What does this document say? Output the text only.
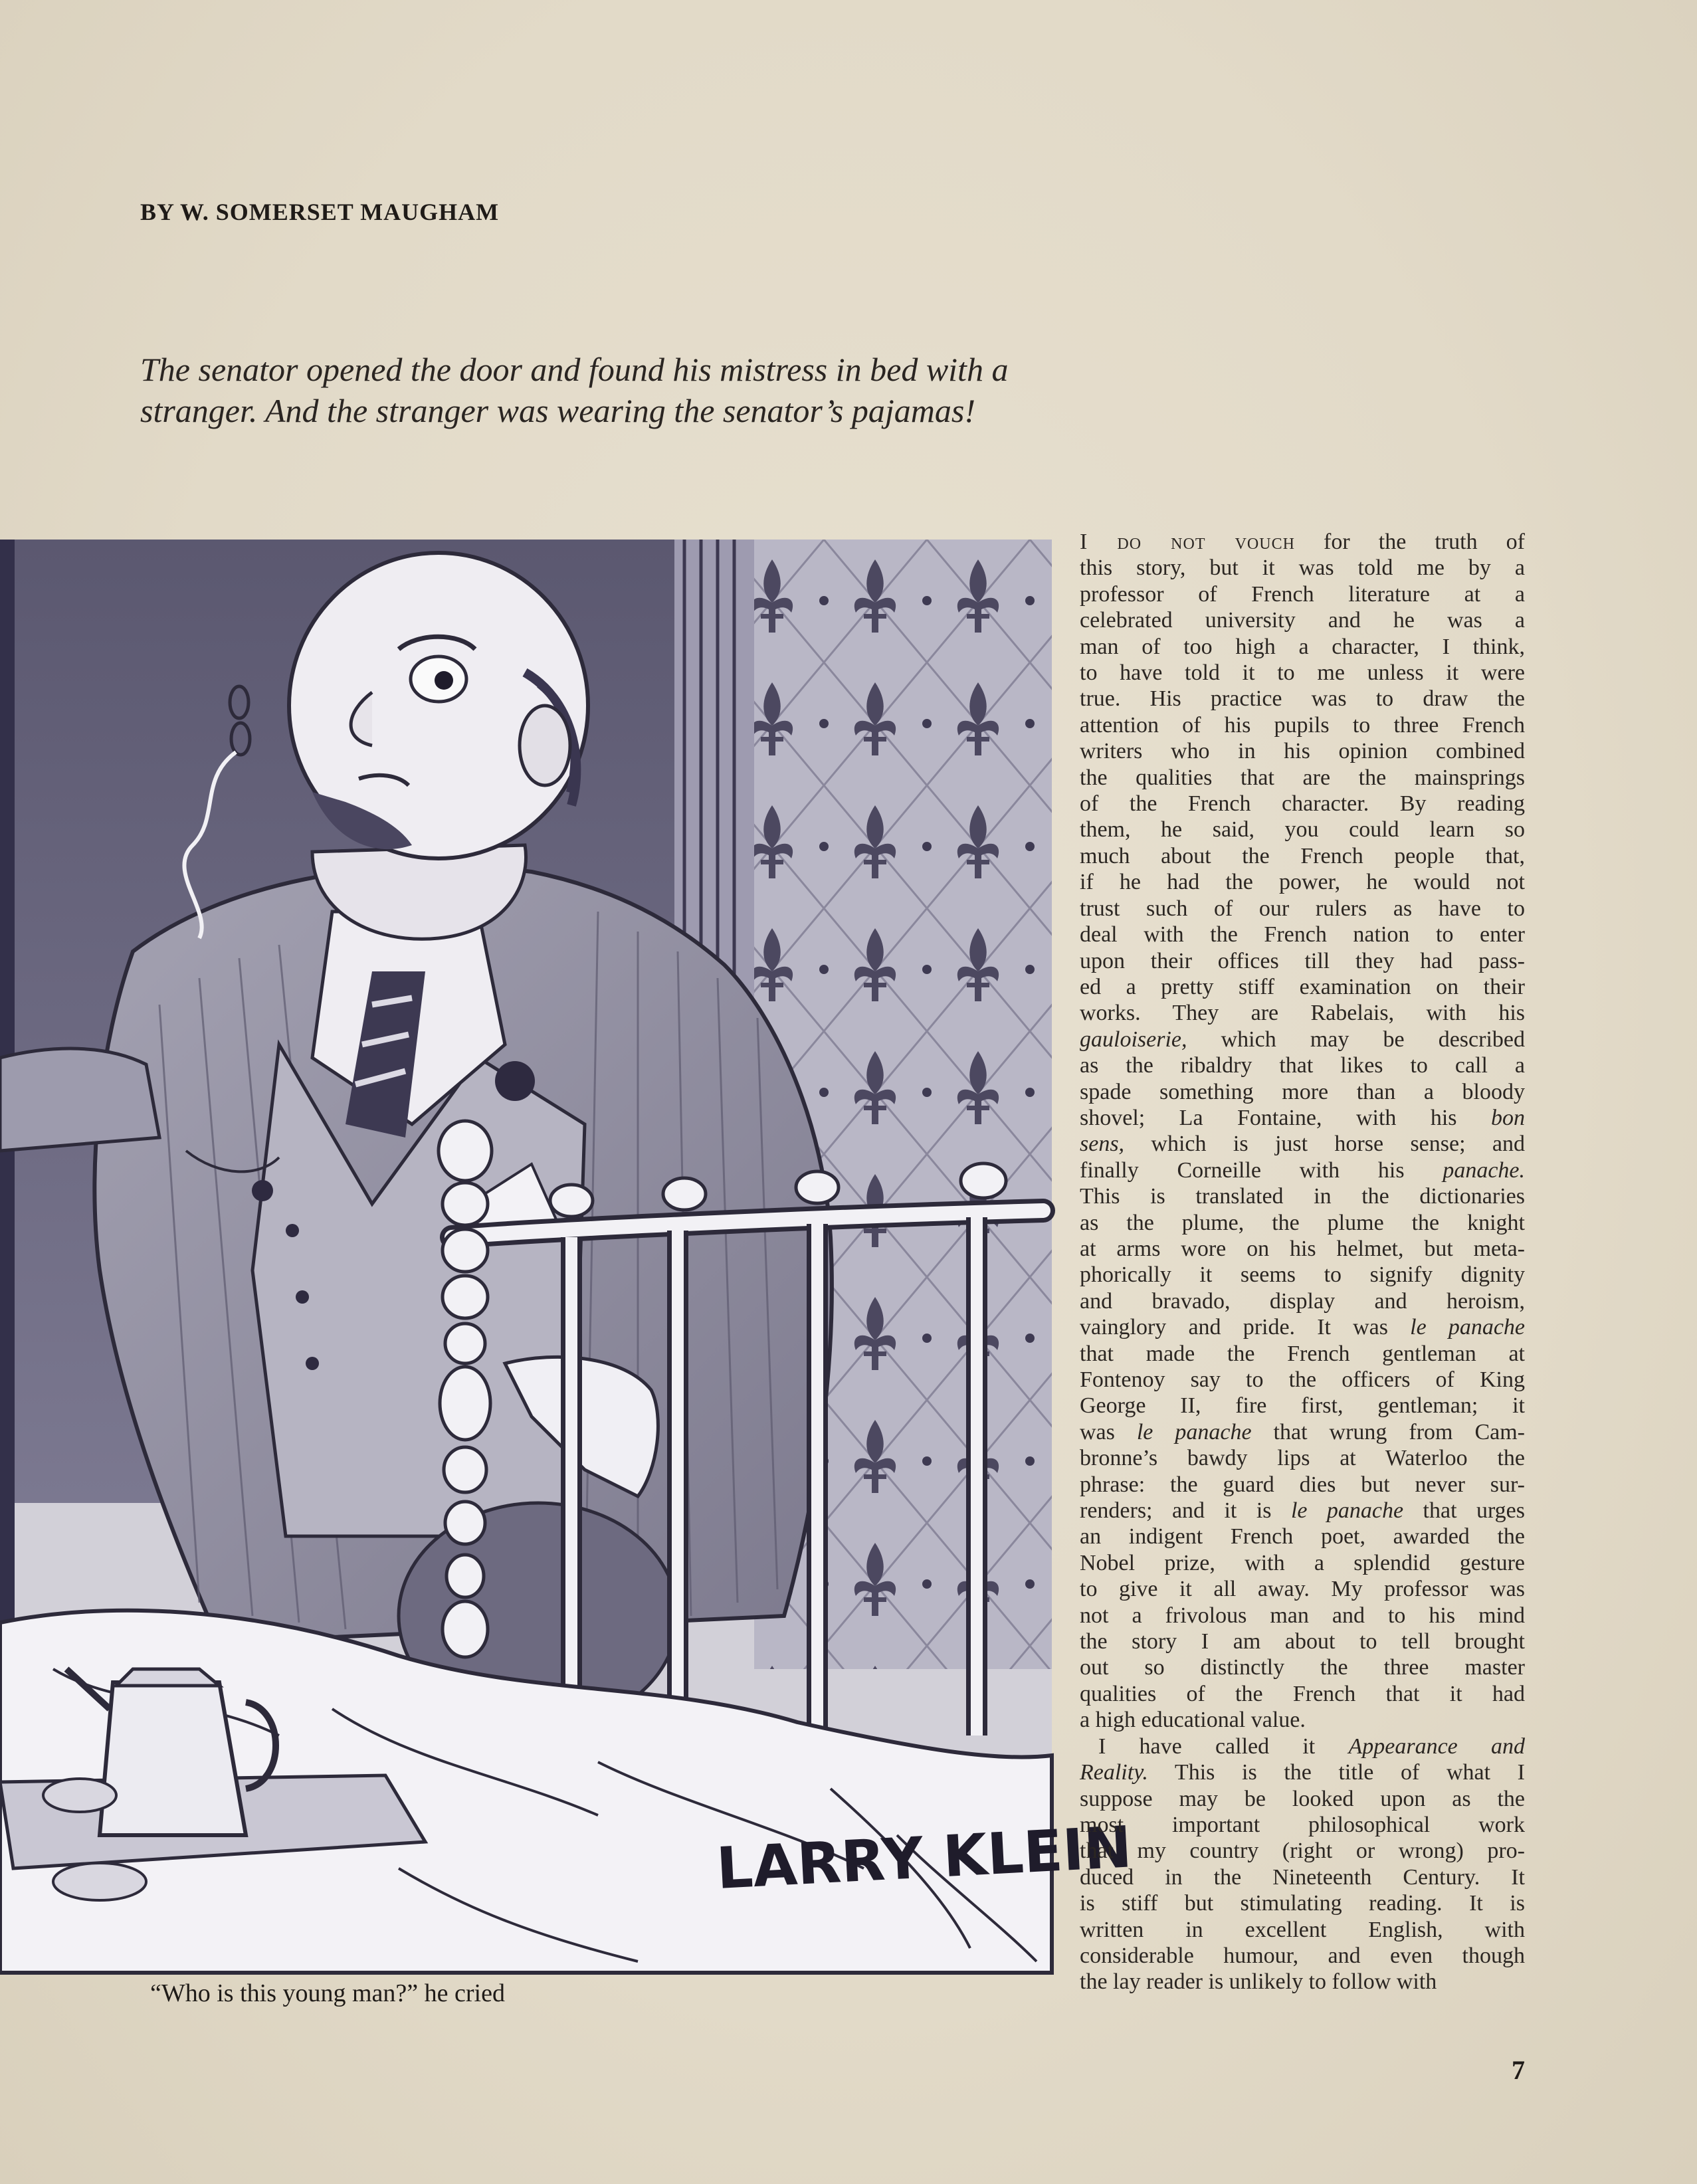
BY W. SOMERSET MAUGHAM
The senator opened the door and found his mistress in bed with a
stranger. And the stranger was wearing the senator’s pajamas!
LARRY KLEIN
“Who is this young man?” he cried
I do not vouch for the truth of
this story, but it was told me by a
professor of French literature at a
celebrated university and he was a
man of too high a character, I think,
to have told it to me unless it were
true. His practice was to draw the
attention of his pupils to three French
writers who in his opinion combined
the qualities that are the mainsprings
of the French character. By reading
them, he said, you could learn so
much about the French people that,
if he had the power, he would not
trust such of our rulers as have to
deal with the French nation to enter
upon their offices till they had pass-
ed a pretty stiff examination on their
works. They are Rabelais, with his
gauloiserie, which may be described
as the ribaldry that likes to call a
spade something more than a bloody
shovel; La Fontaine, with his bon
sens, which is just horse sense; and
finally Corneille with his panache.
This is translated in the dictionaries
as the plume, the plume the knight
at arms wore on his helmet, but meta-
phorically it seems to signify dignity
and bravado, display and heroism,
vainglory and pride. It was le panache
that made the French gentleman at
Fontenoy say to the officers of King
George II, fire first, gentleman; it
was le panache that wrung from Cam-
bronne’s bawdy lips at Waterloo the
phrase: the guard dies but never sur-
renders; and it is le panache that urges
an indigent French poet, awarded the
Nobel prize, with a splendid gesture
to give it all away. My professor was
not a frivolous man and to his mind
the story I am about to tell brought
out so distinctly the three master
qualities of the French that it had
a high educational value.
I have called it Appearance and
Reality. This is the title of what I
suppose may be looked upon as the
most important philosophical work
that my country (right or wrong) pro-
duced in the Nineteenth Century. It
is stiff but stimulating reading. It is
written in excellent English, with
considerable humour, and even though
the lay reader is unlikely to follow with
7
